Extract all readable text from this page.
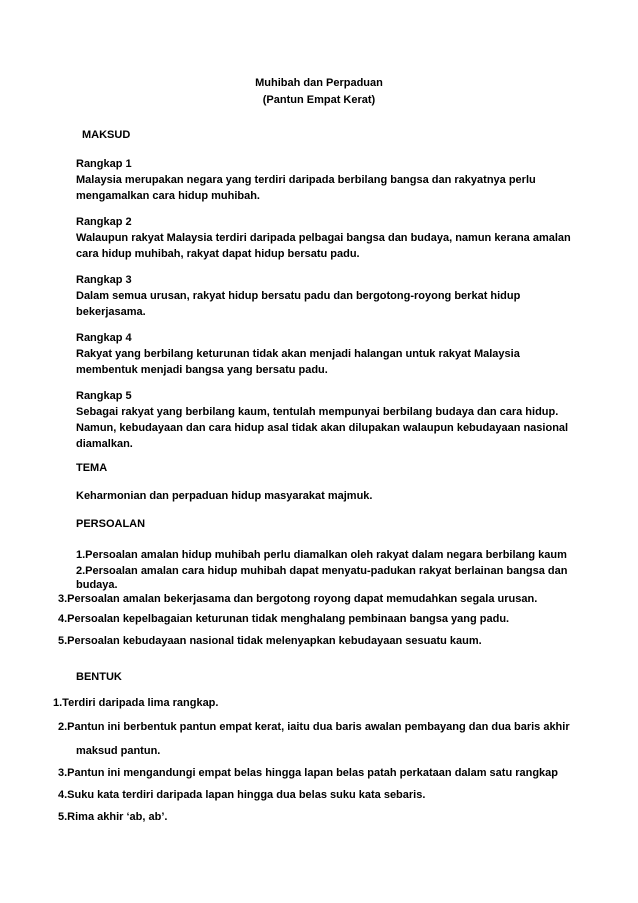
Muhibah dan Perpaduan
(Pantun Empat Kerat)
MAKSUD
Rangkap 1
Malaysia merupakan negara yang terdiri daripada berbilang bangsa dan rakyatnya perlu
mengamalkan cara hidup muhibah.
Rangkap 2
Walaupun rakyat Malaysia terdiri daripada pelbagai bangsa dan budaya, namun kerana amalan
cara hidup muhibah, rakyat dapat hidup bersatu padu.
Rangkap 3
Dalam semua urusan, rakyat hidup bersatu padu dan bergotong-royong berkat hidup
bekerjasama.
Rangkap 4
Rakyat yang berbilang keturunan tidak akan menjadi halangan untuk rakyat Malaysia
membentuk menjadi bangsa yang bersatu padu.
Rangkap 5
Sebagai rakyat yang berbilang kaum, tentulah mempunyai berbilang budaya dan cara hidup.
Namun, kebudayaan dan cara hidup asal tidak akan dilupakan walaupun kebudayaan nasional
diamalkan.
TEMA
Keharmonian dan perpaduan hidup masyarakat majmuk.
PERSOALAN
1.Persoalan amalan hidup muhibah perlu diamalkan oleh rakyat dalam negara berbilang kaum
2.Persoalan amalan cara hidup muhibah dapat menyatu-padukan rakyat berlainan bangsa dan
budaya.
3.Persoalan amalan bekerjasama dan bergotong royong dapat memudahkan segala urusan.
4.Persoalan kepelbagaian keturunan tidak menghalang pembinaan bangsa yang padu.
5.Persoalan kebudayaan nasional tidak melenyapkan kebudayaan sesuatu kaum.
BENTUK
1.Terdiri daripada lima rangkap.
2.Pantun ini berbentuk pantun empat kerat, iaitu dua baris awalan pembayang dan dua baris akhir
maksud pantun.
3.Pantun ini mengandungi empat belas hingga lapan belas patah perkataan dalam satu rangkap
4.Suku kata terdiri daripada lapan hingga dua belas suku kata sebaris.
5.Rima akhir ‘ab, ab’.
